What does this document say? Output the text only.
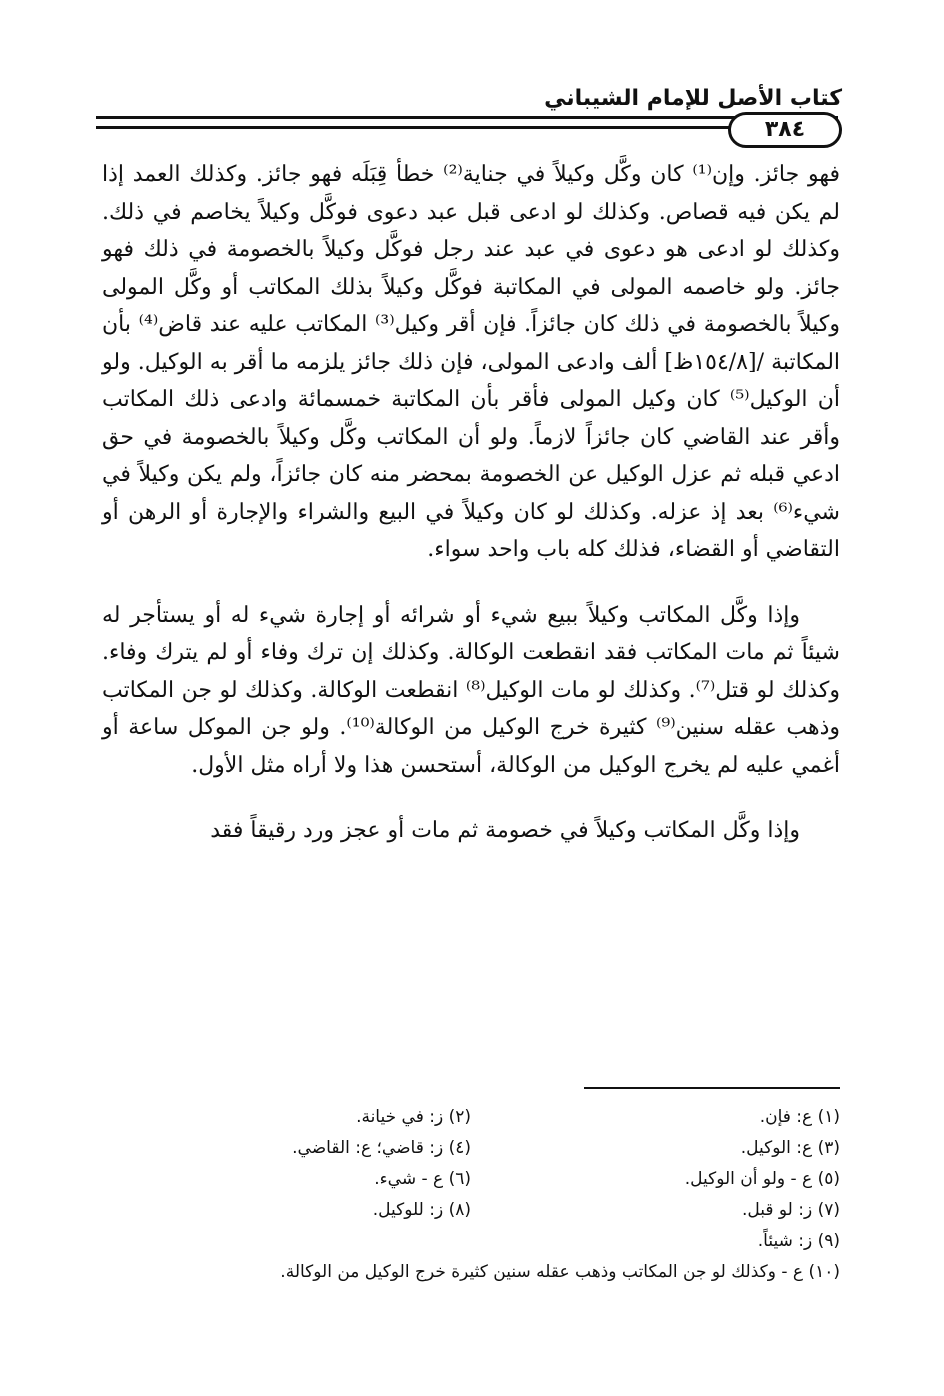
كتاب الأصل للإمام الشيباني
٣٨٤

فهو جائز. وإن⁽¹⁾ كان وكَّل وكيلاً في جناية⁽²⁾ خطأ قِبَلَه فهو جائز. وكذلك العمد إذا لم يكن فيه قصاص. وكذلك لو ادعى قبل عبد دعوى فوكَّل وكيلاً يخاصم في ذلك. وكذلك لو ادعى هو دعوى في عبد عند رجل فوكَّل وكيلاً بالخصومة في ذلك فهو جائز. ولو خاصمه المولى في المكاتبة فوكَّل وكيلاً بذلك المكاتب أو وكَّل المولى وكيلاً بالخصومة في ذلك كان جائزاً. فإن أقر وكيل⁽³⁾ المكاتب عليه عند قاض⁽⁴⁾ بأن المكاتبة /[١٥٤/٨ظ] ألف وادعى المولى، فإن ذلك جائز يلزمه ما أقر به الوكيل. ولو أن الوكيل⁽⁵⁾ كان وكيل المولى فأقر بأن المكاتبة خمسمائة وادعى ذلك المكاتب وأقر عند القاضي كان جائزاً لازماً. ولو أن المكاتب وكَّل وكيلاً بالخصومة في حق ادعي قبله ثم عزل الوكيل عن الخصومة بمحضر منه كان جائزاً، ولم يكن وكيلاً في شيء⁽⁶⁾ بعد إذ عزله. وكذلك لو كان وكيلاً في البيع والشراء والإجارة أو الرهن أو التقاضي أو القضاء، فذلك كله باب واحد سواء.

وإذا وكَّل المكاتب وكيلاً ببيع شيء أو شرائه أو إجارة شيء له أو يستأجر له شيئاً ثم مات المكاتب فقد انقطعت الوكالة. وكذلك إن ترك وفاء أو لم يترك وفاء. وكذلك لو قتل⁽⁷⁾. وكذلك لو مات الوكيل⁽⁸⁾ انقطعت الوكالة. وكذلك لو جن المكاتب وذهب عقله سنين⁽⁹⁾ كثيرة خرج الوكيل من الوكالة⁽¹⁰⁾. ولو جن الموكل ساعة أو أغمي عليه لم يخرج الوكيل من الوكالة، أستحسن هذا ولا أراه مثل الأول.

وإذا وكَّل المكاتب وكيلاً في خصومة ثم مات أو عجز ورد رقيقاً فقد

(١) ع: فإن.
(٢) ز: في خيانة.
(٣) ع: الوكيل.
(٤) ز: قاضي؛ ع: القاضي.
(٥) ع - ولو أن الوكيل.
(٦) ع - شيء.
(٧) ز: لو قبل.
(٨) ز: للوكيل.
(٩) ز: شيئاً.
(١٠) ع - وكذلك لو جن المكاتب وذهب عقله سنين كثيرة خرج الوكيل من الوكالة.
